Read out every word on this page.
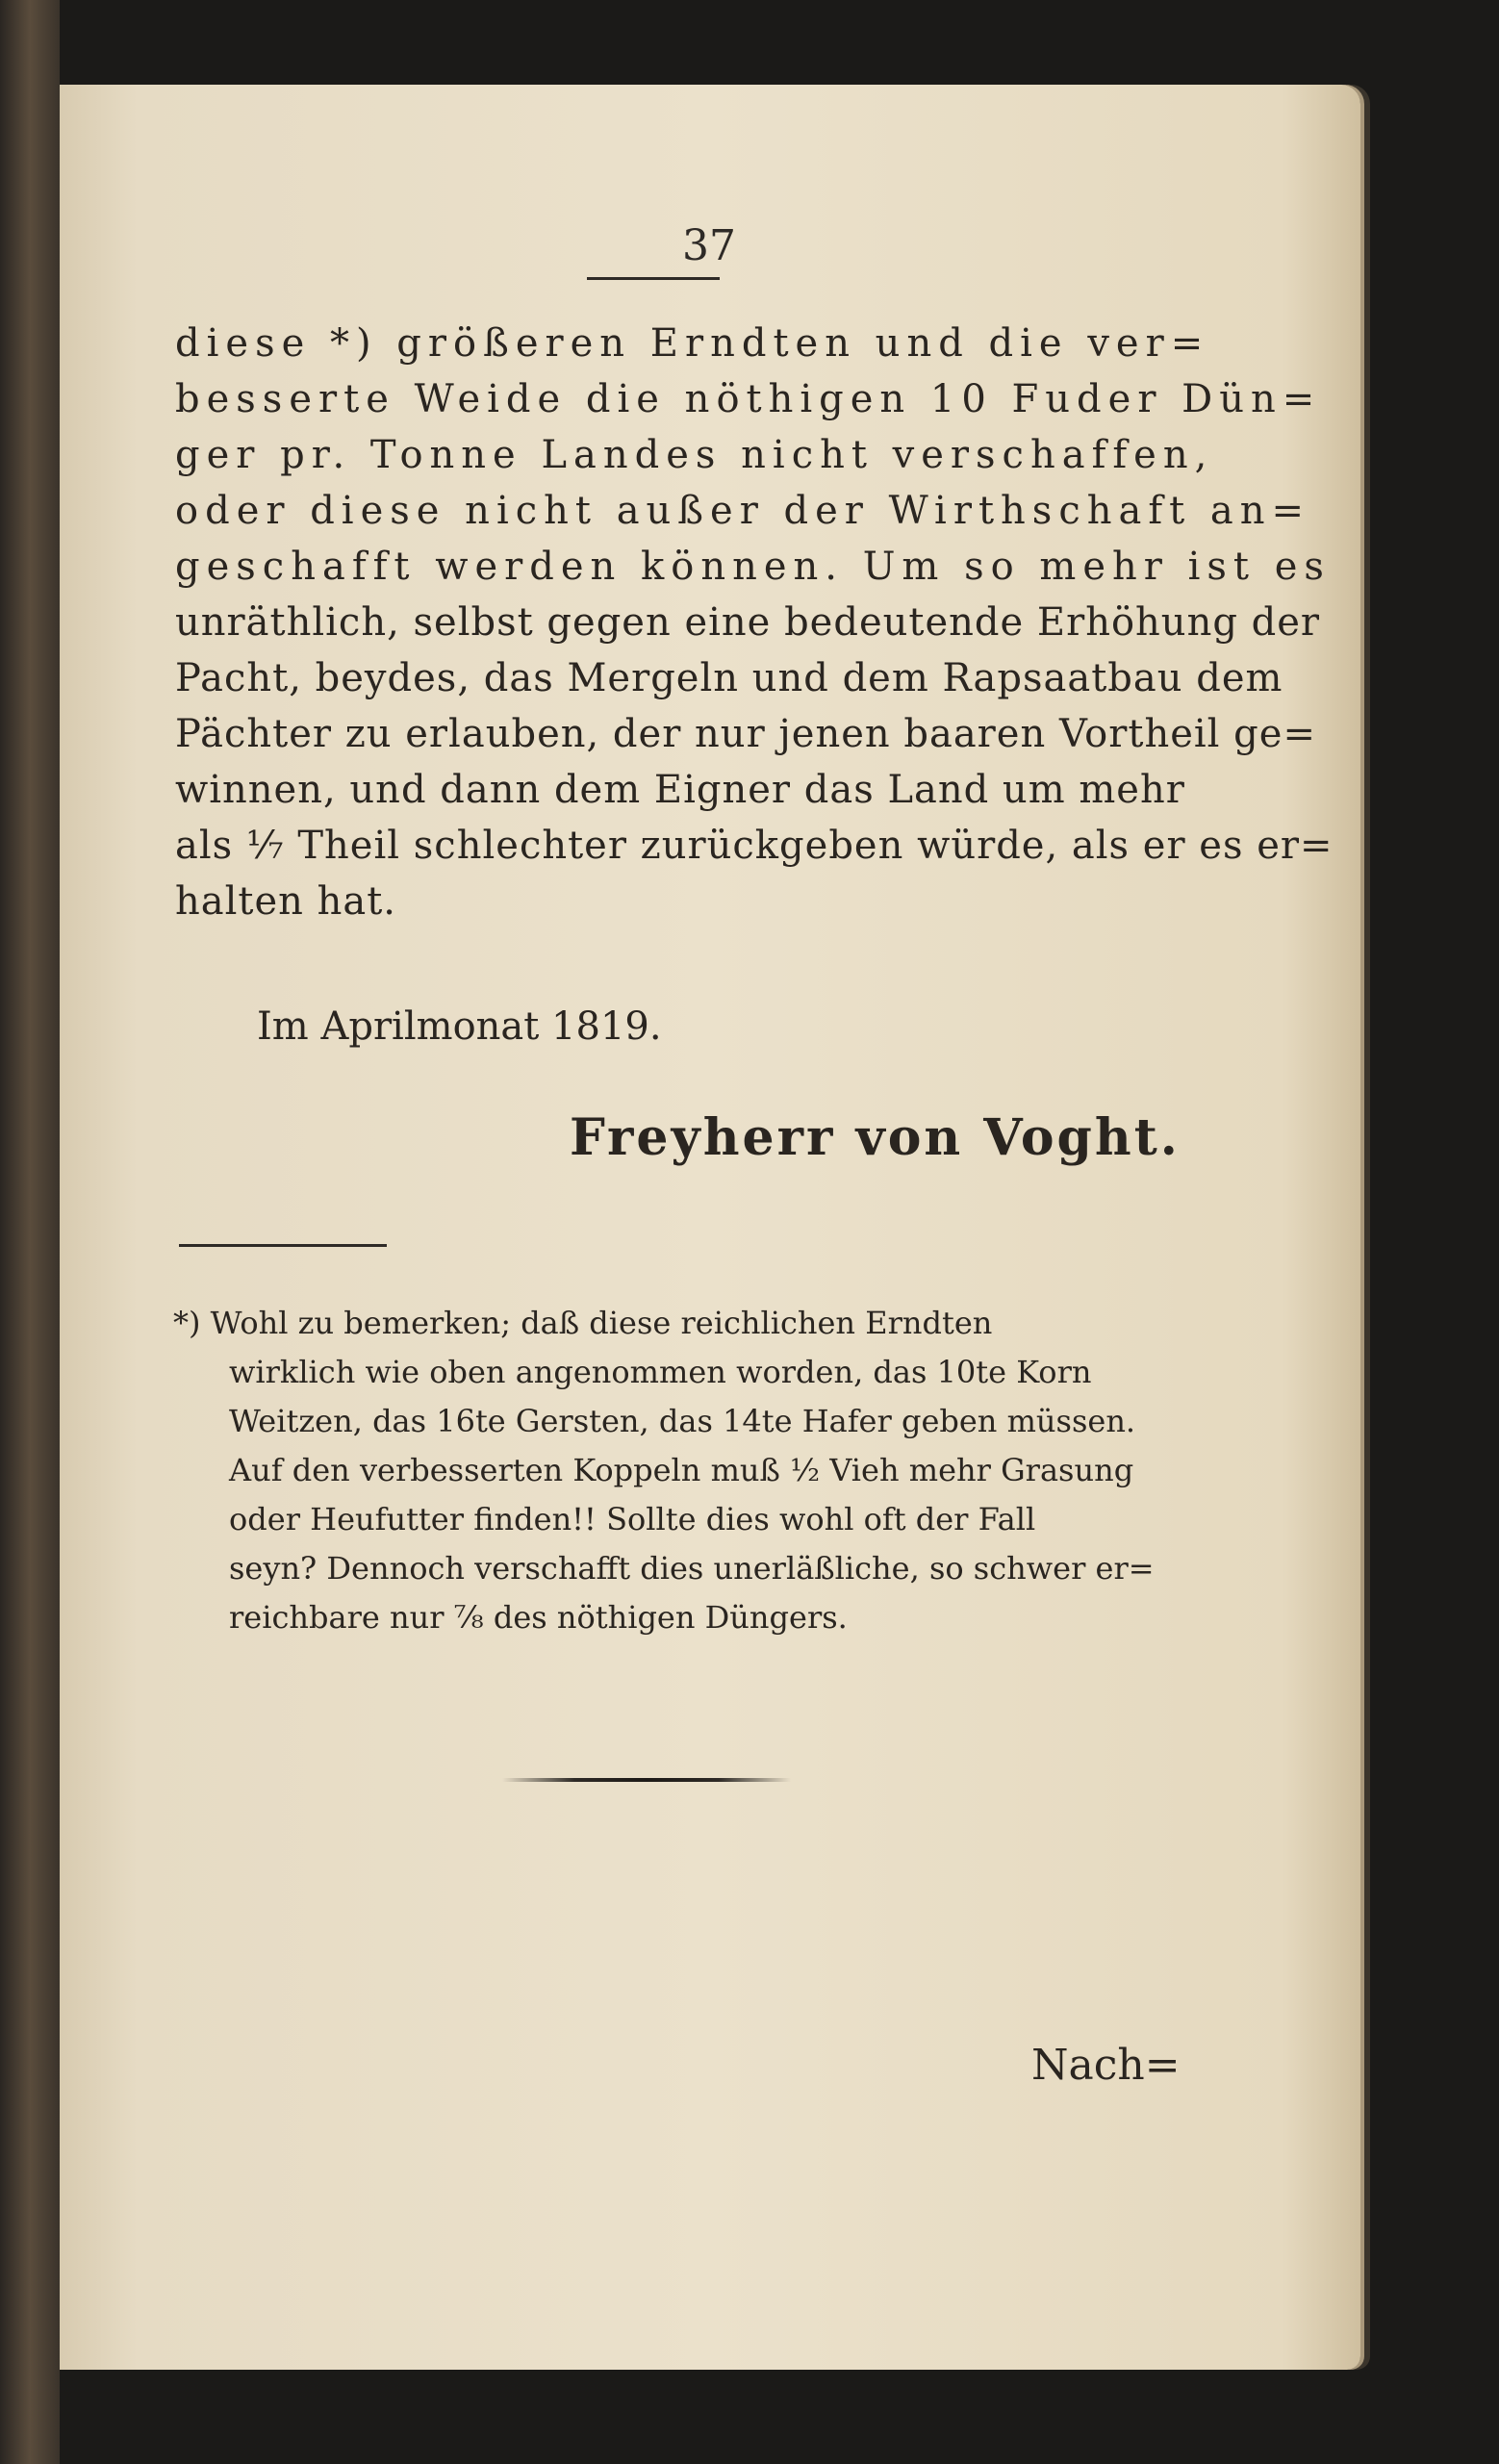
37
diese *) größeren Erndten und die ver=
besserte Weide die nöthigen 10 Fuder Dün=
ger pr. Tonne Landes nicht verschaffen,
oder diese nicht außer der Wirthschaft an=
geschafft werden können. Um so mehr ist es
unräthlich, selbst gegen eine bedeutende Erhöhung der
Pacht, beydes, das Mergeln und dem Rapsaatbau dem
Pächter zu erlauben, der nur jenen baaren Vortheil ge=
winnen, und dann dem Eigner das Land um mehr
als ⅐ Theil schlechter zurückgeben würde, als er es er=
halten hat.
Im Aprilmonat 1819.
Freyherr von Voght.
*) Wohl zu bemerken; daß diese reichlichen Erndten
wirklich wie oben angenommen worden, das 10te Korn
Weitzen, das 16te Gersten, das 14te Hafer geben müssen.
Auf den verbesserten Koppeln muß ½ Vieh mehr Grasung
oder Heufutter finden!! Sollte dies wohl oft der Fall
seyn? Dennoch verschafft dies unerläßliche, so schwer er=
reichbare nur ⅞ des nöthigen Düngers.
Nach=
